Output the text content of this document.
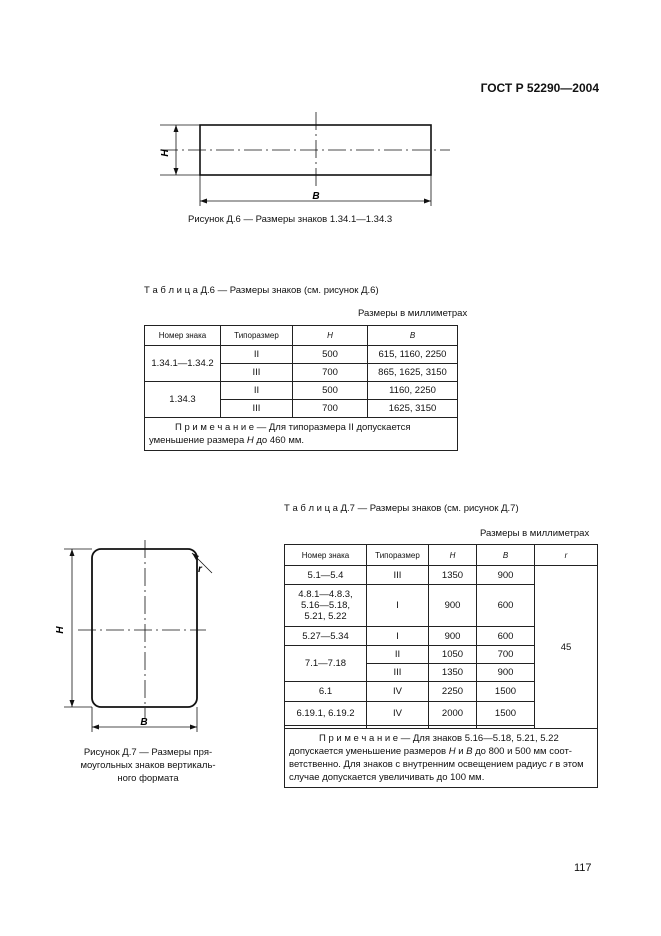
ГОСТ Р 52290—2004
H
B
Рисунок Д.6 — Размеры знаков 1.34.1—1.34.3
Т а б л и ц а Д.6 — Размеры знаков (см. рисунок Д.6)
Размеры в миллиметрах
Номер знака	Типоразмер	H	B
1.34.1—1.34.2	II	500	615, 1160, 2250
	III	700	865, 1625, 3150
1.34.3	II	500	1160, 2250
	III	700	1625, 3150
П р и м е ч а н и е — Для типоразмера II допускается
уменьшение размера H до 460 мм.			
H
B
r
Рисунок Д.7 — Размеры пря-
моугольных знаков вертикаль-
ного формата
Т а б л и ц а Д.7 — Размеры знаков (см. рисунок Д.7)
Размеры в миллиметрах
Номер знака	Типоразмер	H	B	r
5.1—5.4	III	1350	900	45

4.8.1—4.8.3,
5.16—5.18,
5.21, 5.22	I	900	600	
5.27—5.34	I	900	600	
7.1—7.18	II	1050	700	
	III	1350	900	
6.1	IV	2250	1500	
6.19.1, 6.19.2	IV	2000	1500	

П р и м е ч а н и е — Для знаков 5.16—5.18, 5.21, 5.22
допускается уменьшение размеров H и B до 800 и 500 мм соот-
ветственно. Для знаков с внутренним освещением радиус r в этом
случае допускается увеличивать до 100 мм.				
117
